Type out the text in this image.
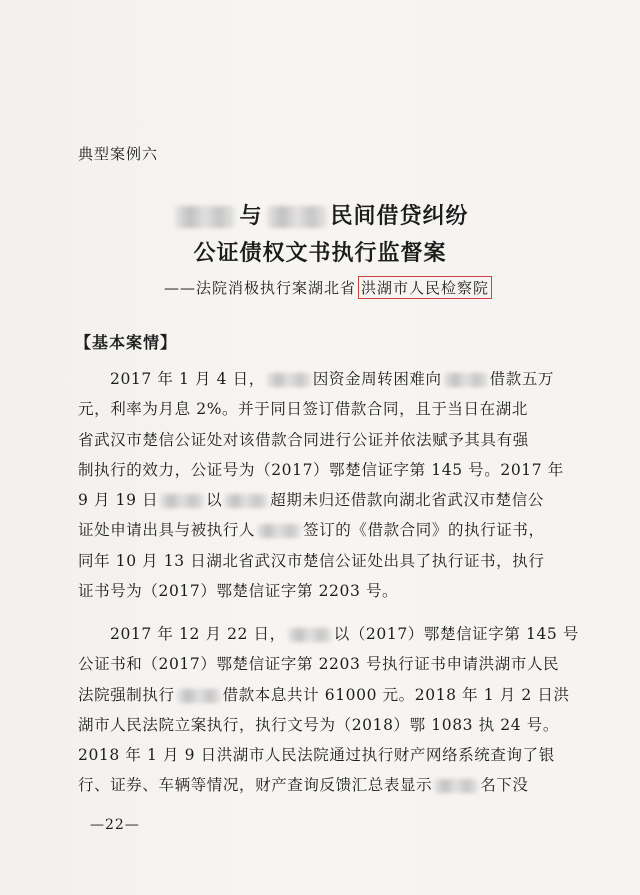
典型案例六
与	民间借贷纠纷
公证债权文书执行监督案
——法院消极执行案湖北省 洪湖市人民检察院
【基本案情】
2017 年 1 月 4 日，	因资金周转困难向	借款五万
元，利率为月息 2%。并于同日签订借款合同，且于当日在湖北
省武汉市楚信公证处对该借款合同进行公证并依法赋予其具有强
制执行的效力，公证号为（2017）鄂楚信证字第 145 号。2017 年
9 月 19 日	以	超期未归还借款向湖北省武汉市楚信公
证处申请出具与被执行人	签订的《借款合同》的执行证书，
同年 10 月 13 日湖北省武汉市楚信公证处出具了执行证书，执行
证书号为（2017）鄂楚信证字第 2203 号。
2017 年 12 月 22 日，	以（2017）鄂楚信证字第 145 号
公证书和（2017）鄂楚信证字第 2203 号执行证书申请洪湖市人民
法院强制执行	借款本息共计 61000 元。2018 年 1 月 2 日洪
湖市人民法院立案执行，执行文号为（2018）鄂 1083 执 24 号。
2018 年 1 月 9 日洪湖市人民法院通过执行财产网络系统查询了银
行、证券、车辆等情况，财产查询反馈汇总表显示	名下没
—22—
